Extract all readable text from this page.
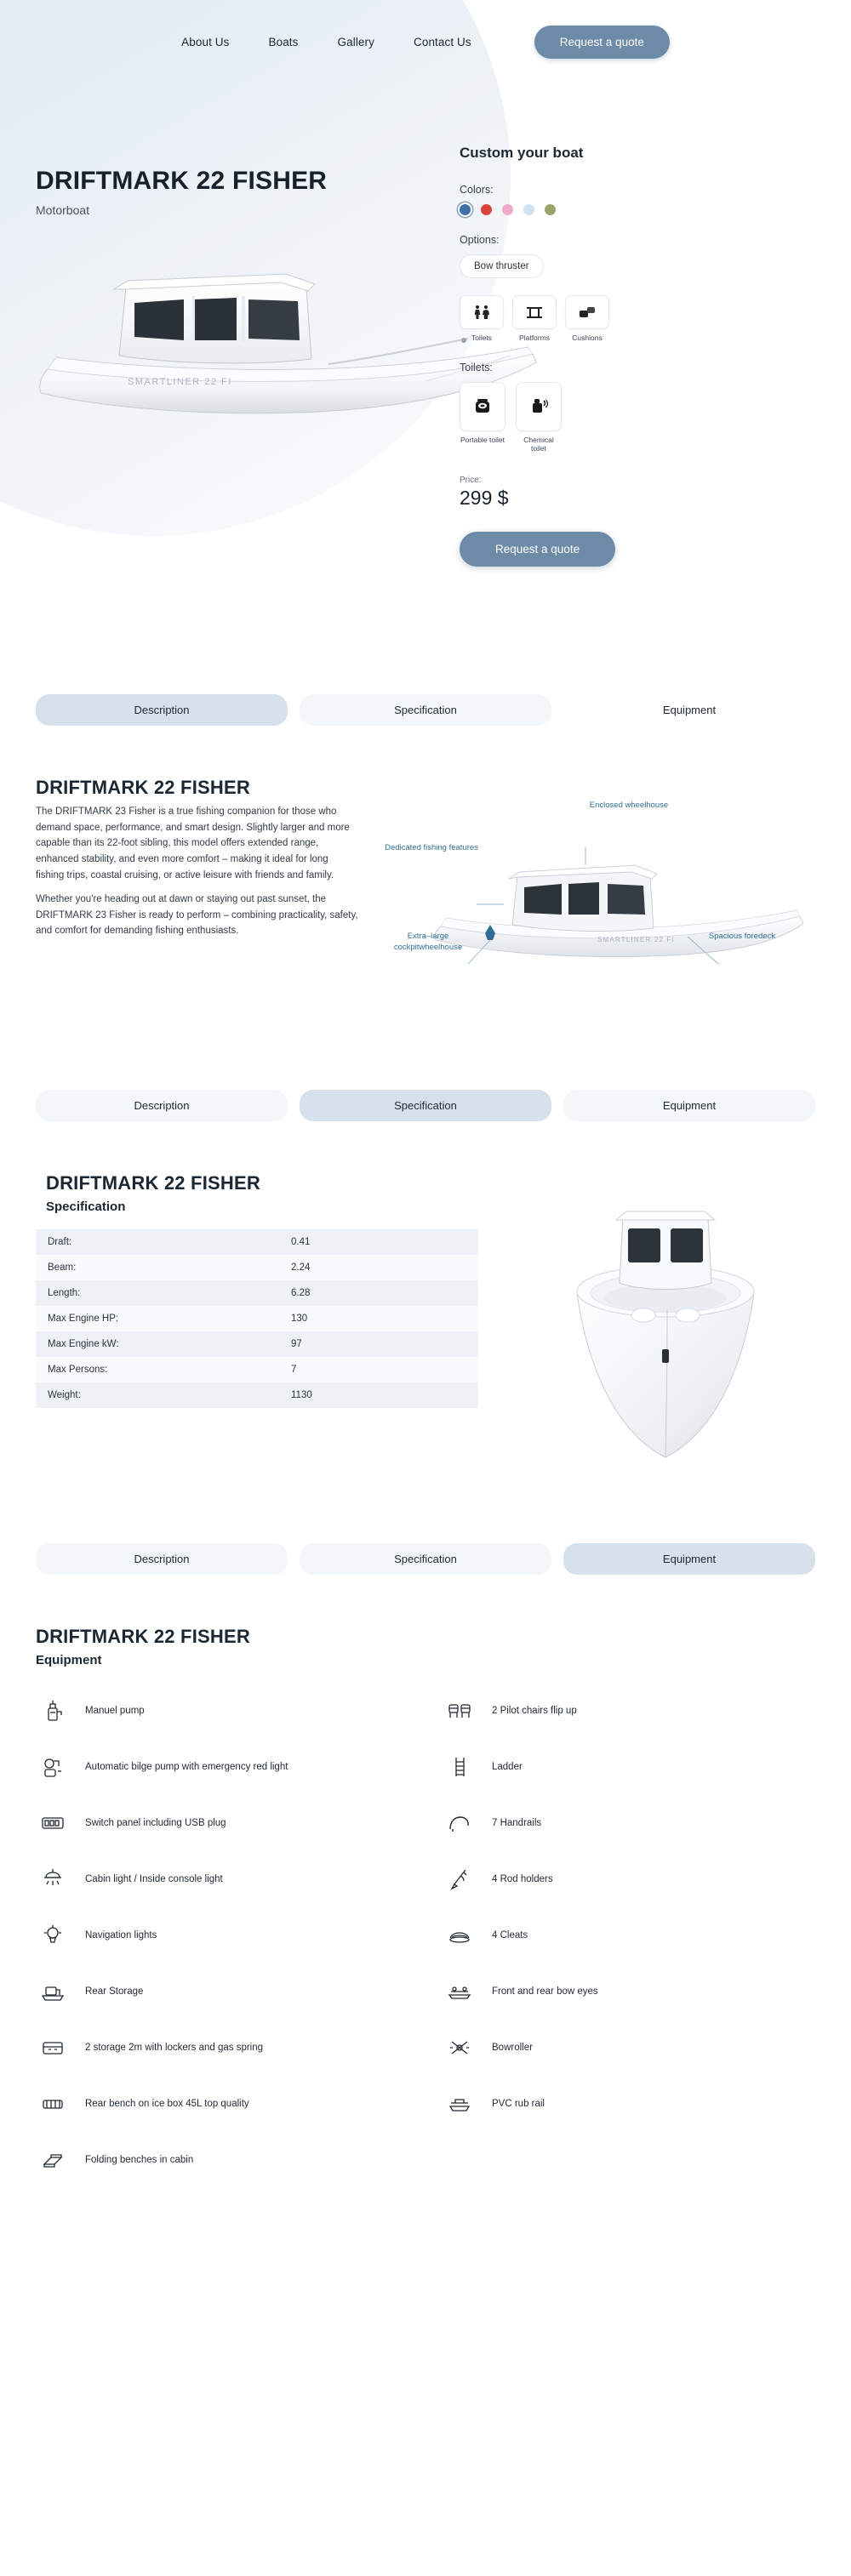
About Us	Boats	Gallery	Contact Us	Request a quote
DRIFTMARK 22 FISHER
Motorboat
SMARTLINER 22 FI
Custom your boat
Colors:
Options:
Bow thruster
Toilets	Platforms	Cushions
Toilets:
Portable toilet	Chemical toilet
Price:
299 $
Request a quote
Description	Specification	Equipment
DRIFTMARK 22 FISHER

The DRIFTMARK 23 Fisher is a true fishing companion for those who demand space, performance, and smart design. Slightly larger and more capable than its 22-foot sibling, this model offers extended range, enhanced stability, and even more comfort – making it ideal for long fishing trips, coastal cruising, or active leisure with friends and family.

Whether you're heading out at dawn or staying out past sunset, the DRIFTMARK 23 Fisher is ready to perform – combining practicality, safety, and comfort for demanding fishing enthusiasts.

SMARTLINER 22 FI
Enclosed wheelhouse
Dedicated fishing features
Extra–large cockpitwheelhouse
Spacious foredeck
Description	Specification	Equipment
DRIFTMARK 22 FISHER
Specification
Draft:	0.41
Beam:	2.24
Length:	6.28
Max Engine HP:	130
Max Engine kW:	97
Max Persons:	7
Weight:	1130
Description	Specification	Equipment
DRIFTMARK 22 FISHER
Equipment
Manuel pump	2 Pilot chairs flip up
Automatic bilge pump with emergency red light	Ladder
Switch panel including USB plug	7 Handrails
Cabin light / Inside console light	4 Rod holders
Navigation lights	4 Cleats
Rear Storage	Front and rear bow eyes
2 storage 2m with lockers and gas spring	Bowroller
Rear bench on ice box 45L top quality	PVC rub rail
Folding benches in cabin
